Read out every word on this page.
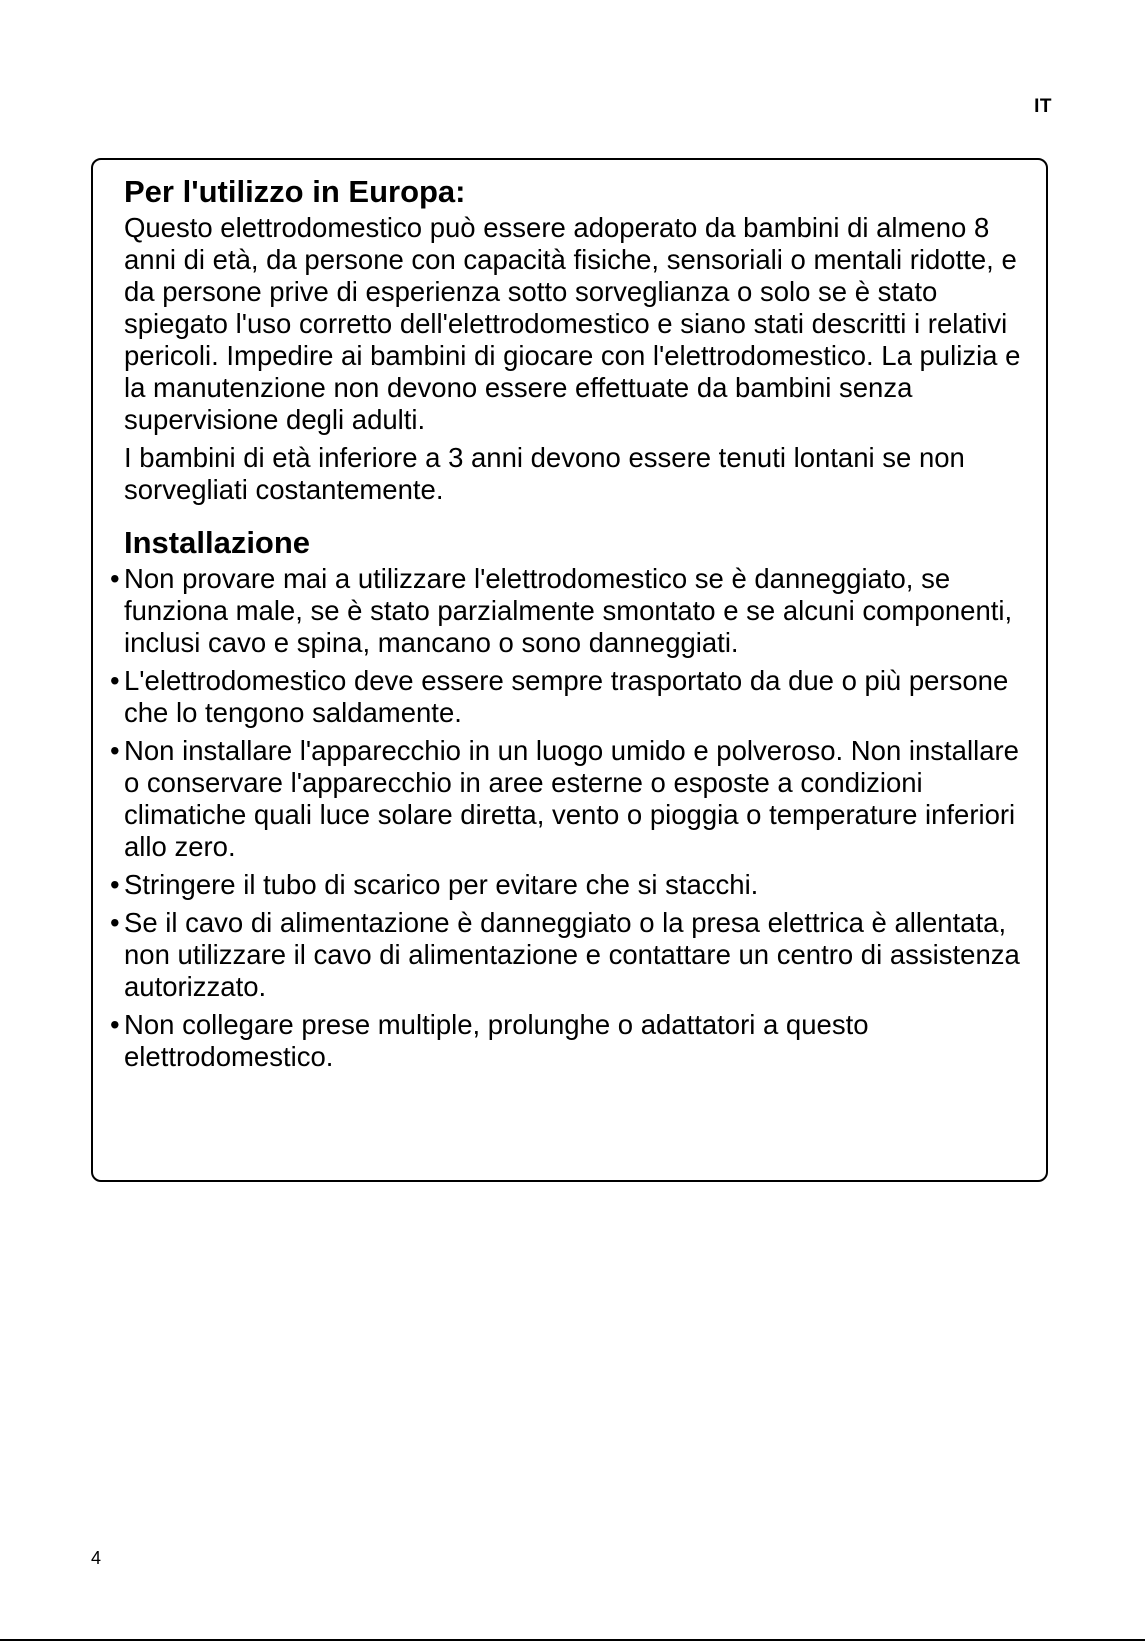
IT
Per l'utilizzo in Europa:

Questo elettrodomestico può essere adoperato da bambini di almeno 8 anni di età, da persone con capacità fisiche, sensoriali o mentali ridotte, e da persone prive di esperienza sotto sorveglianza o solo se è stato spiegato l'uso corretto dell'elettrodomestico e siano stati descritti i relativi pericoli. Impedire ai bambini di giocare con l'elettrodomestico. La pulizia e la manutenzione non devono essere effettuate da bambini senza supervisione degli adulti.

I bambini di età inferiore a 3 anni devono essere tenuti lontani se non sorvegliati costantemente.

Installazione
• Non provare mai a utilizzare l'elettrodomestico se è danneggiato, se funziona male, se è stato parzialmente smontato e se alcuni componenti, inclusi cavo e spina, mancano o sono danneggiati.
• L'elettrodomestico deve essere sempre trasportato da due o più persone che lo tengono saldamente.
• Non installare l'apparecchio in un luogo umido e polveroso. Non installare o conservare l'apparecchio in aree esterne o esposte a condizioni climatiche quali luce solare diretta, vento o pioggia o temperature inferiori allo zero.
• Stringere il tubo di scarico per evitare che si stacchi.
• Se il cavo di alimentazione è danneggiato o la presa elettrica è allentata, non utilizzare il cavo di alimentazione e contattare un centro di assistenza autorizzato.
• Non collegare prese multiple, prolunghe o adattatori a questo elettrodomestico.
4
